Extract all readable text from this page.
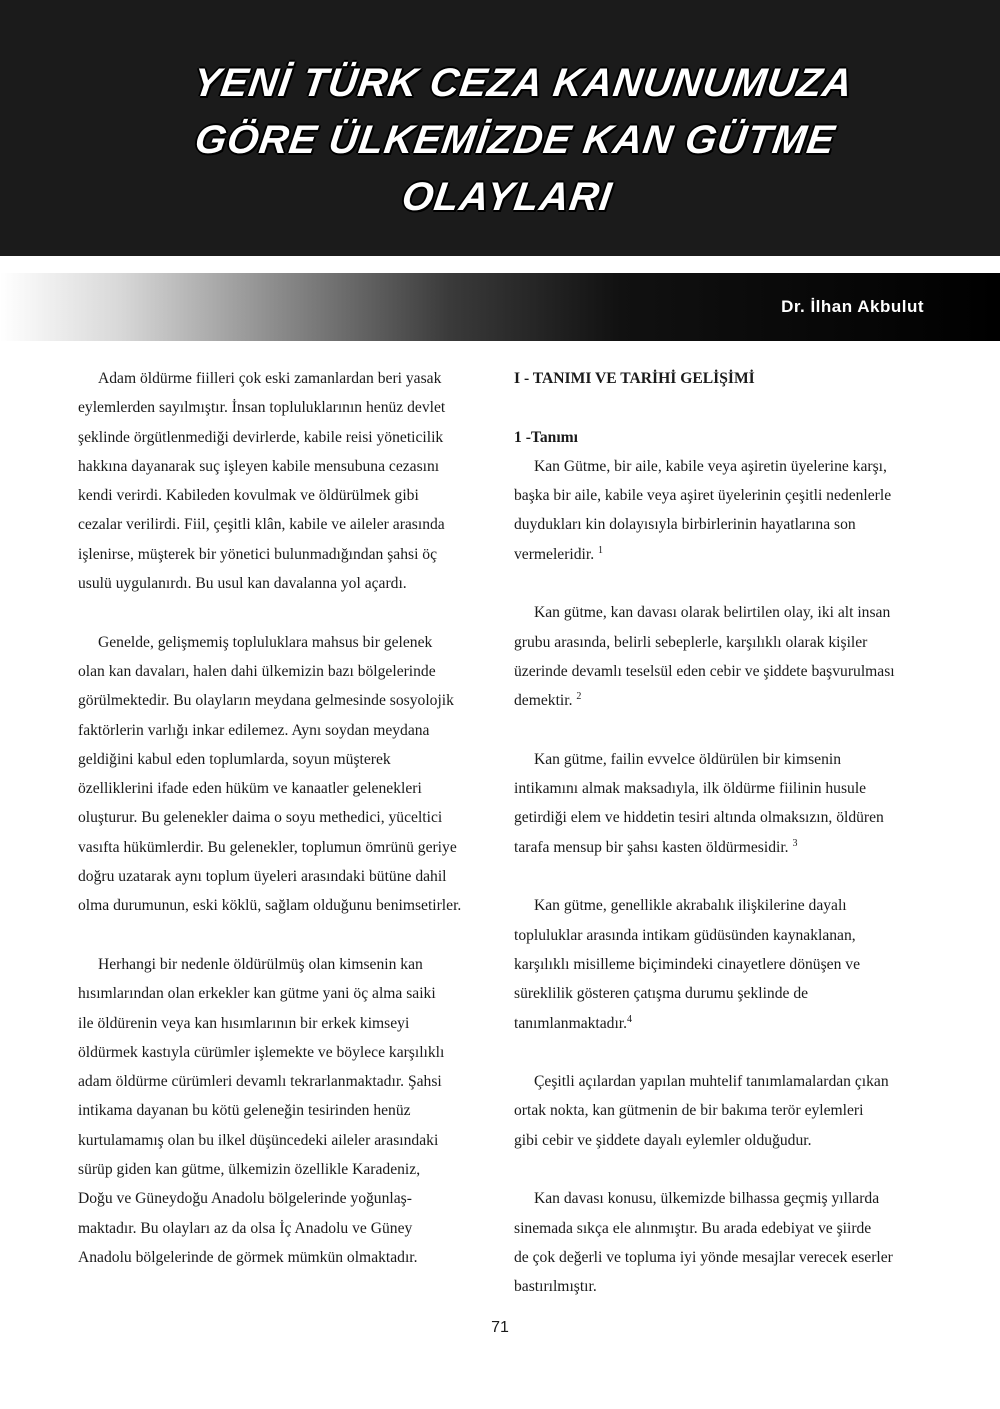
YENİ TÜRK CEZA KANUNUMUZA
GÖRE ÜLKEMİZDE KAN GÜTME
OLAYLARI
Dr. İlhan Akbulut
Adam öldürme fiilleri çok eski zamanlardan beri yasak
eylemlerden sayılmıştır. İnsan topluluklarının henüz devlet
şeklinde örgütlenmediği devirlerde, kabile reisi yöneticilik
hakkına dayanarak suç işleyen kabile mensubuna cezasını
kendi verirdi. Kabileden kovulmak ve öldürülmek gibi
cezalar verilirdi. Fiil, çeşitli klân, kabile ve aileler arasında
işlenirse, müşterek bir yönetici bulunmadığından şahsi öç
usulü uygulanırdı. Bu usul kan davalanna yol açardı.
Genelde, gelişmemiş topluluklara mahsus bir gelenek
olan kan davaları, halen dahi ülkemizin bazı bölgelerinde
görülmektedir. Bu olayların meydana gelmesinde sosyolojik
faktörlerin varlığı inkar edilemez. Aynı soydan meydana
geldiğini kabul eden toplumlarda, soyun müşterek
özelliklerini ifade eden hüküm ve kanaatler gelenekleri
oluşturur. Bu gelenekler daima o soyu methedici, yüceltici
vasıfta hükümlerdir. Bu gelenekler, toplumun ömrünü geriye
doğru uzatarak aynı toplum üyeleri arasındaki bütüne dahil
olma durumunun, eski köklü, sağlam olduğunu benimsetirler.
Herhangi bir nedenle öldürülmüş olan kimsenin kan
hısımlarından olan erkekler kan gütme yani öç alma saiki
ile öldürenin veya kan hısımlarının bir erkek kimseyi
öldürmek kastıyla cürümler işlemekte ve böylece karşılıklı
adam öldürme cürümleri devamlı tekrarlanmaktadır. Şahsi
intikama dayanan bu kötü geleneğin tesirinden henüz
kurtulamamış olan bu ilkel düşüncedeki aileler arasındaki
sürüp giden kan gütme, ülkemizin özellikle Karadeniz,
Doğu ve Güneydoğu Anadolu bölgelerinde yoğunlaş-
maktadır. Bu olayları az da olsa İç Anadolu ve Güney
Anadolu bölgelerinde de görmek mümkün olmaktadır.
I - TANIMI VE TARİHİ GELİŞİMİ
1 -Tanımı
Kan Gütme, bir aile, kabile veya aşiretin üyelerine karşı,
başka bir aile, kabile veya aşiret üyelerinin çeşitli nedenlerle
duydukları kin dolayısıyla birbirlerinin hayatlarına son
vermeleridir. $^1$
Kan gütme, kan davası olarak belirtilen olay, iki alt insan
grubu arasında, belirli sebeplerle, karşılıklı olarak kişiler
üzerinde devamlı teselsül eden cebir ve şiddete başvurulması
demektir. $^2$
Kan gütme, failin evvelce öldürülen bir kimsenin
intikamını almak maksadıyla, ilk öldürme fiilinin husule
getirdiği elem ve hiddetin tesiri altında olmaksızın, öldüren
tarafa mensup bir şahsı kasten öldürmesidir. $^3$
Kan gütme, genellikle akrabalık ilişkilerine dayalı
topluluklar arasında intikam güdüsünden kaynaklanan,
karşılıklı misilleme biçimindeki cinayetlere dönüşen ve
süreklilik gösteren çatışma durumu şeklinde de
tanımlanmaktadır.$^4$
Çeşitli açılardan yapılan muhtelif tanımlamalardan çıkan
ortak nokta, kan gütmenin de bir bakıma terör eylemleri
gibi cebir ve şiddete dayalı eylemler olduğudur.
Kan davası konusu, ülkemizde bilhassa geçmiş yıllarda
sinemada sıkça ele alınmıştır. Bu arada edebiyat ve şiirde
de çok değerli ve topluma iyi yönde mesajlar verecek eserler
bastırılmıştır.
71
